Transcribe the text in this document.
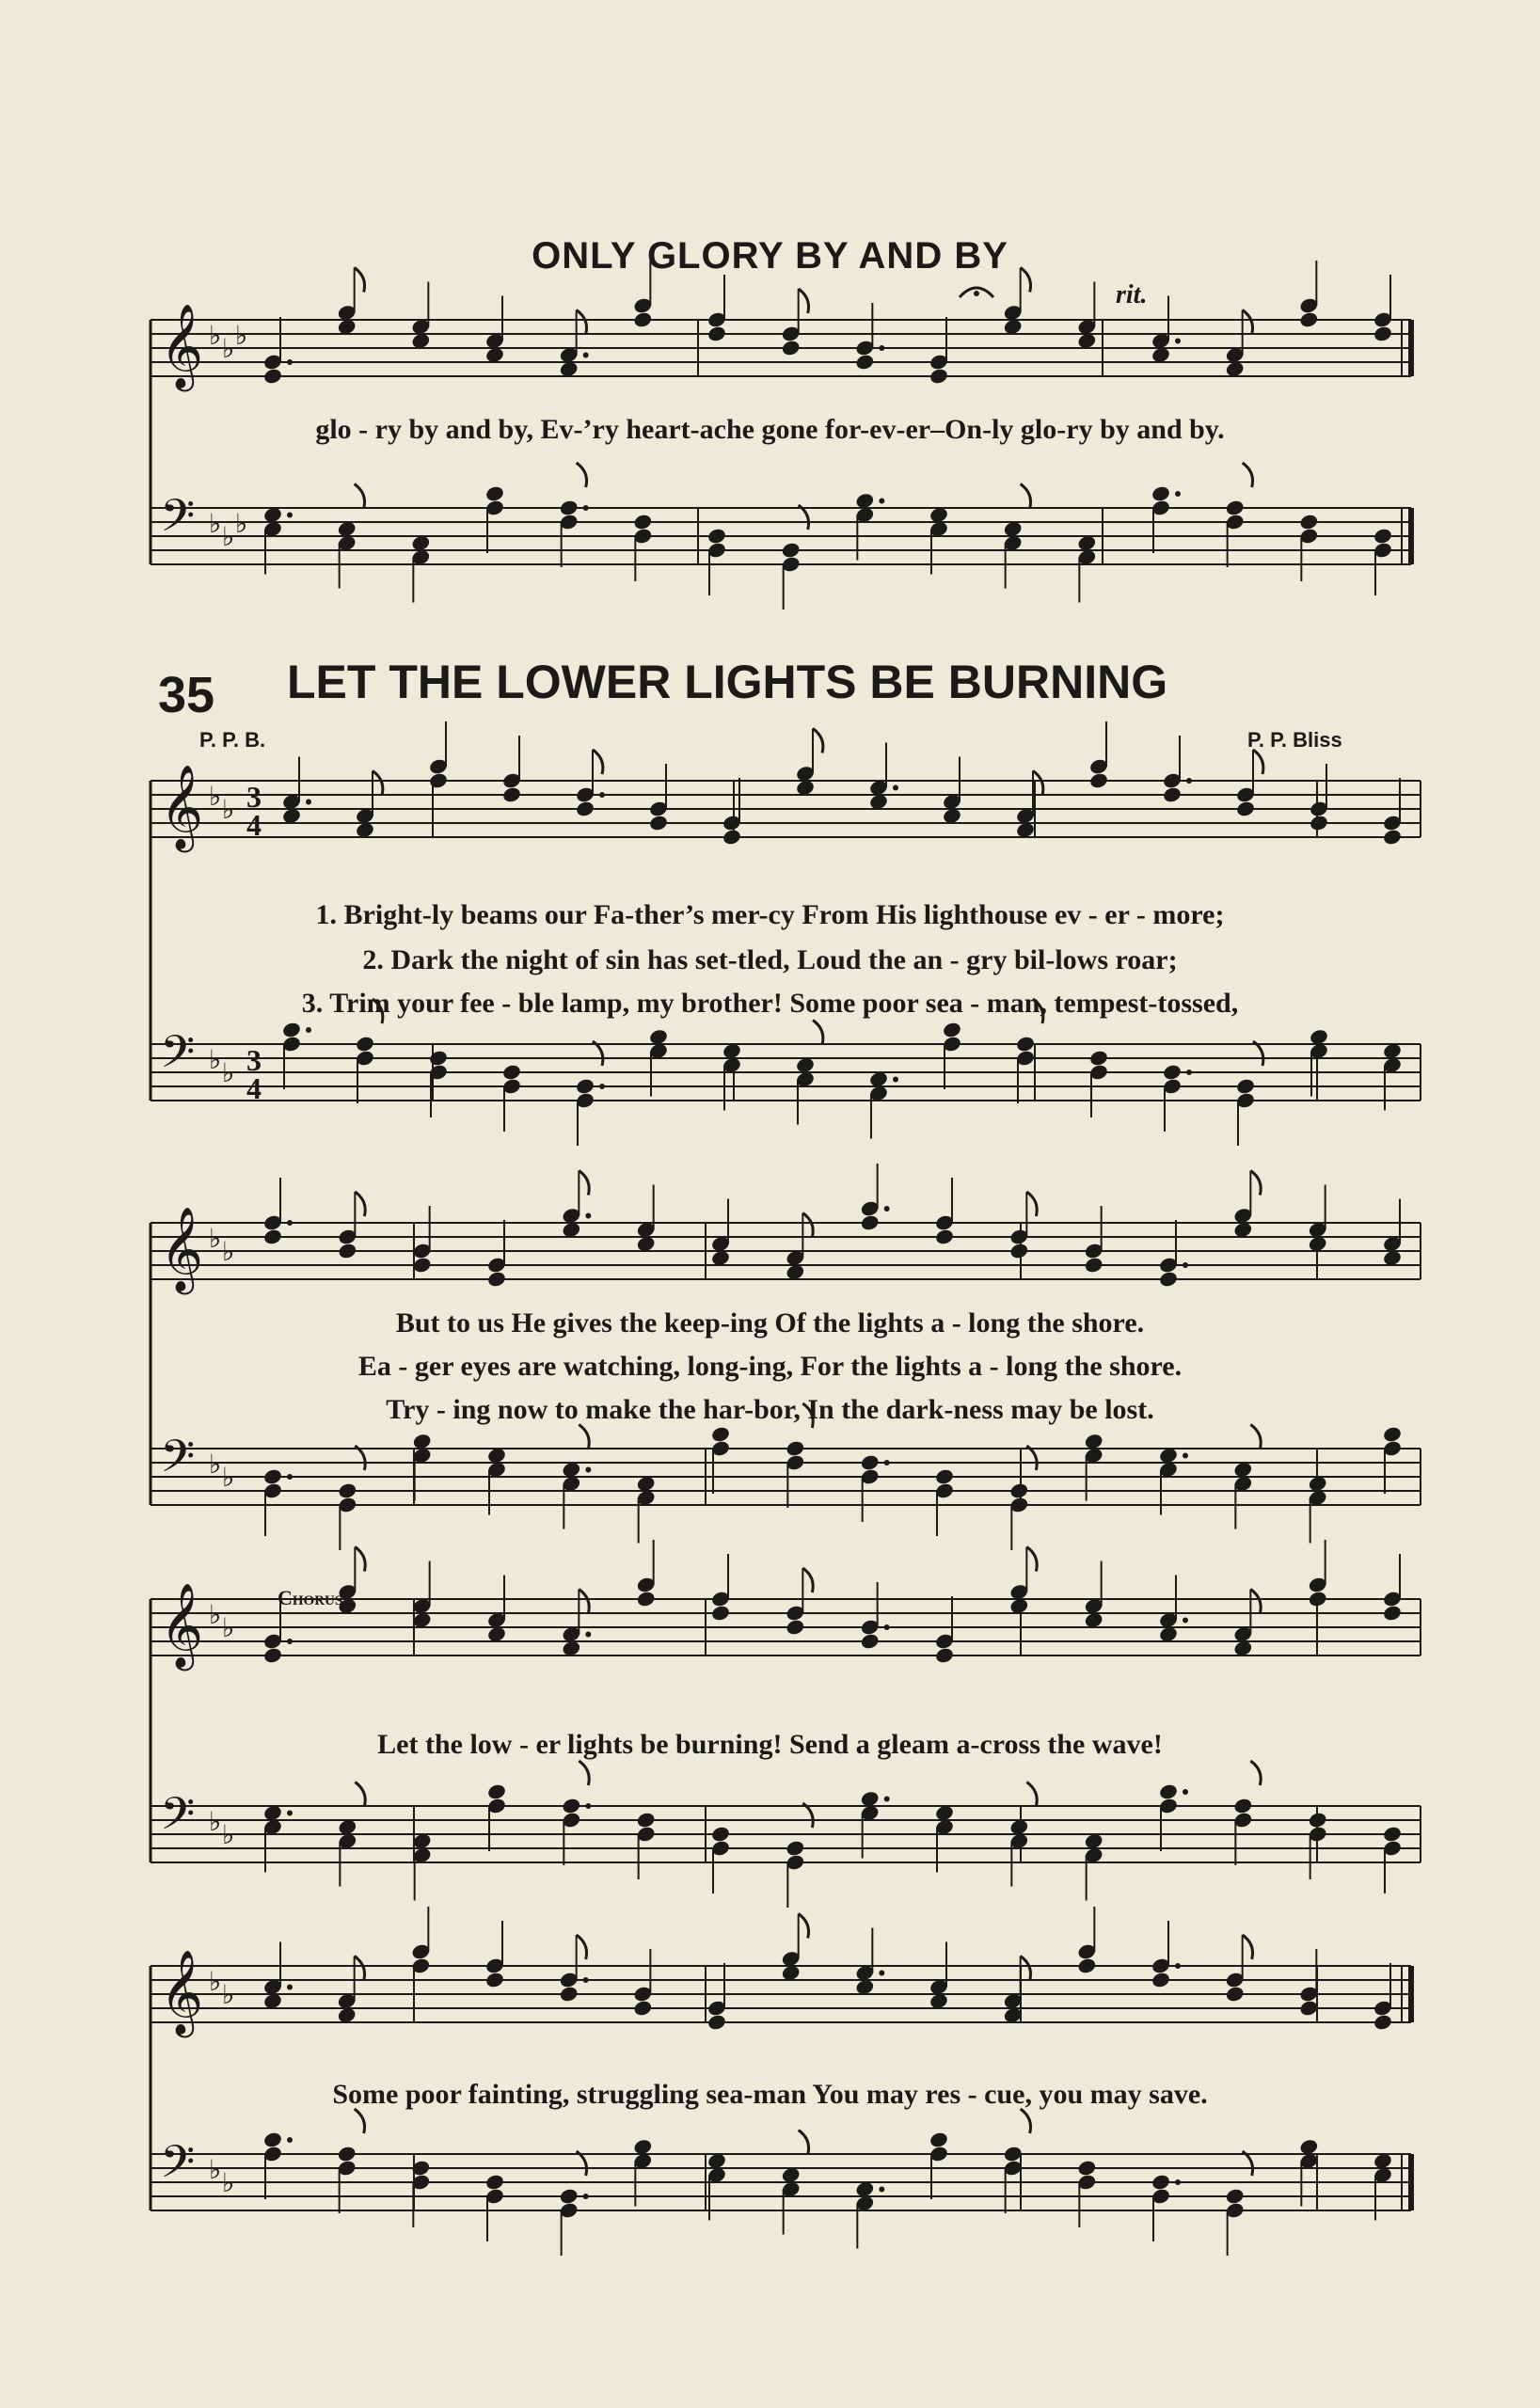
𝄞 ♭ ♭ ♭
𝄢 ♭ ♭ ♭
𝄞 ♭ ♭ 3
4
𝄢 ♭ ♭ 3
4
𝄞 ♭ ♭
𝄢 ♭ ♭
𝄞 ♭ ♭
𝄢 ♭ ♭
𝄞 ♭ ♭
𝄢 ♭ ♭
ONLY GLORY BY AND BY
rit.
glo - ry by and by, Ev-’ry heart-ache gone for-ev-er–On-ly glo-ry by and by.
35 LET THE LOWER LIGHTS BE BURNING
P. P. B.	P. P. Bliss
1. Bright-ly beams our Fa-ther’s mer-cy From His lighthouse ev - er - more;
2. Dark the night of sin has set-tled, Loud the an - gry bil-lows roar;
3. Trim your fee - ble lamp, my brother! Some poor sea - man, tempest-tossed,
But to us He gives the keep-ing Of the lights a - long the shore.
Ea - ger eyes are watching, long-ing, For the lights a - long the shore.
Try - ing now to make the har-bor, In the dark-ness may be lost.
Chorus
Let the low - er lights be burning! Send a gleam a-cross the wave!
Some poor fainting, struggling sea-man You may res - cue, you may save.
